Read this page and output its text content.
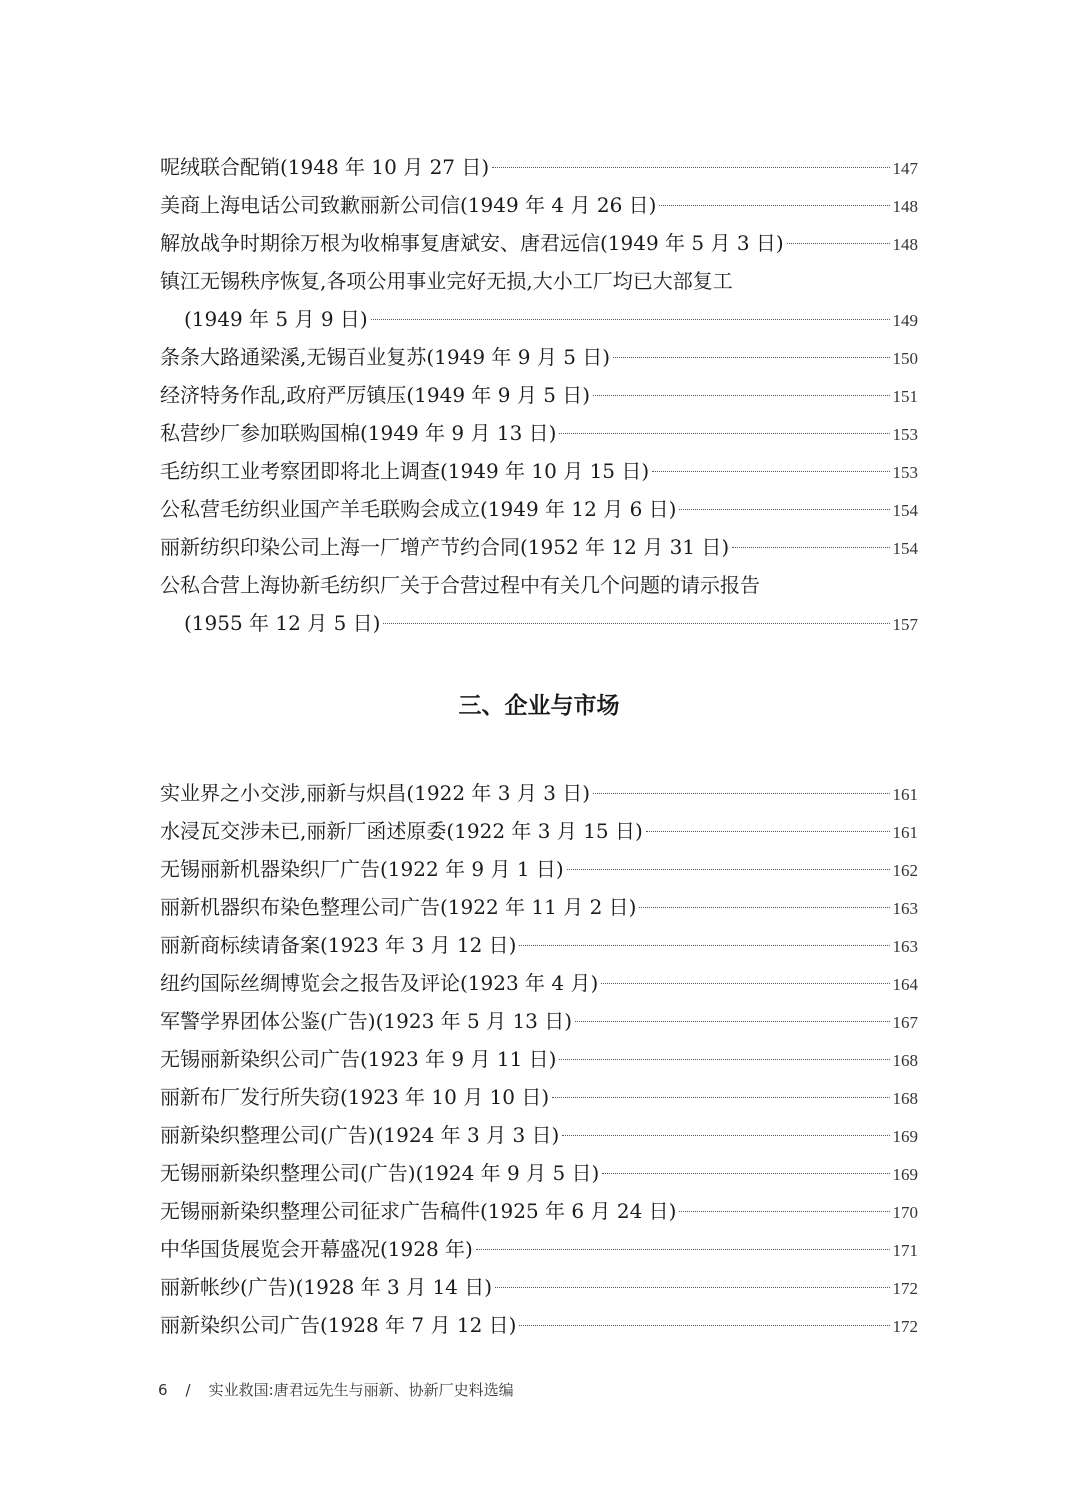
呢绒联合配销(1948 年 10 月 27 日)	147
美商上海电话公司致歉丽新公司信(1949 年 4 月 26 日)	148
解放战争时期徐万根为收棉事复唐斌安、唐君远信(1949 年 5 月 3 日)	148
镇江无锡秩序恢复,各项公用事业完好无损,大小工厂均已大部复工
(1949 年 5 月 9 日)	149
条条大路通梁溪,无锡百业复苏(1949 年 9 月 5 日)	150
经济特务作乱,政府严厉镇压(1949 年 9 月 5 日)	151
私营纱厂参加联购国棉(1949 年 9 月 13 日)	153
毛纺织工业考察团即将北上调查(1949 年 10 月 15 日)	153
公私营毛纺织业国产羊毛联购会成立(1949 年 12 月 6 日)	154
丽新纺织印染公司上海一厂增产节约合同(1952 年 12 月 31 日)	154
公私合营上海协新毛纺织厂关于合营过程中有关几个问题的请示报告
(1955 年 12 月 5 日)	157
三、企业与市场
实业界之小交涉,丽新与炽昌(1922 年 3 月 3 日)	161
水浸瓦交涉未已,丽新厂函述原委(1922 年 3 月 15 日)	161
无锡丽新机器染织厂广告(1922 年 9 月 1 日)	162
丽新机器织布染色整理公司广告(1922 年 11 月 2 日)	163
丽新商标续请备案(1923 年 3 月 12 日)	163
纽约国际丝绸博览会之报告及评论(1923 年 4 月)	164
军警学界团体公鉴(广告)(1923 年 5 月 13 日)	167
无锡丽新染织公司广告(1923 年 9 月 11 日)	168
丽新布厂发行所失窃(1923 年 10 月 10 日)	168
丽新染织整理公司(广告)(1924 年 3 月 3 日)	169
无锡丽新染织整理公司(广告)(1924 年 9 月 5 日)	169
无锡丽新染织整理公司征求广告稿件(1925 年 6 月 24 日)	170
中华国货展览会开幕盛况(1928 年)	171
丽新帐纱(广告)(1928 年 3 月 14 日)	172
丽新染织公司广告(1928 年 7 月 12 日)	172
6 / 实业救国:唐君远先生与丽新、协新厂史料选编
